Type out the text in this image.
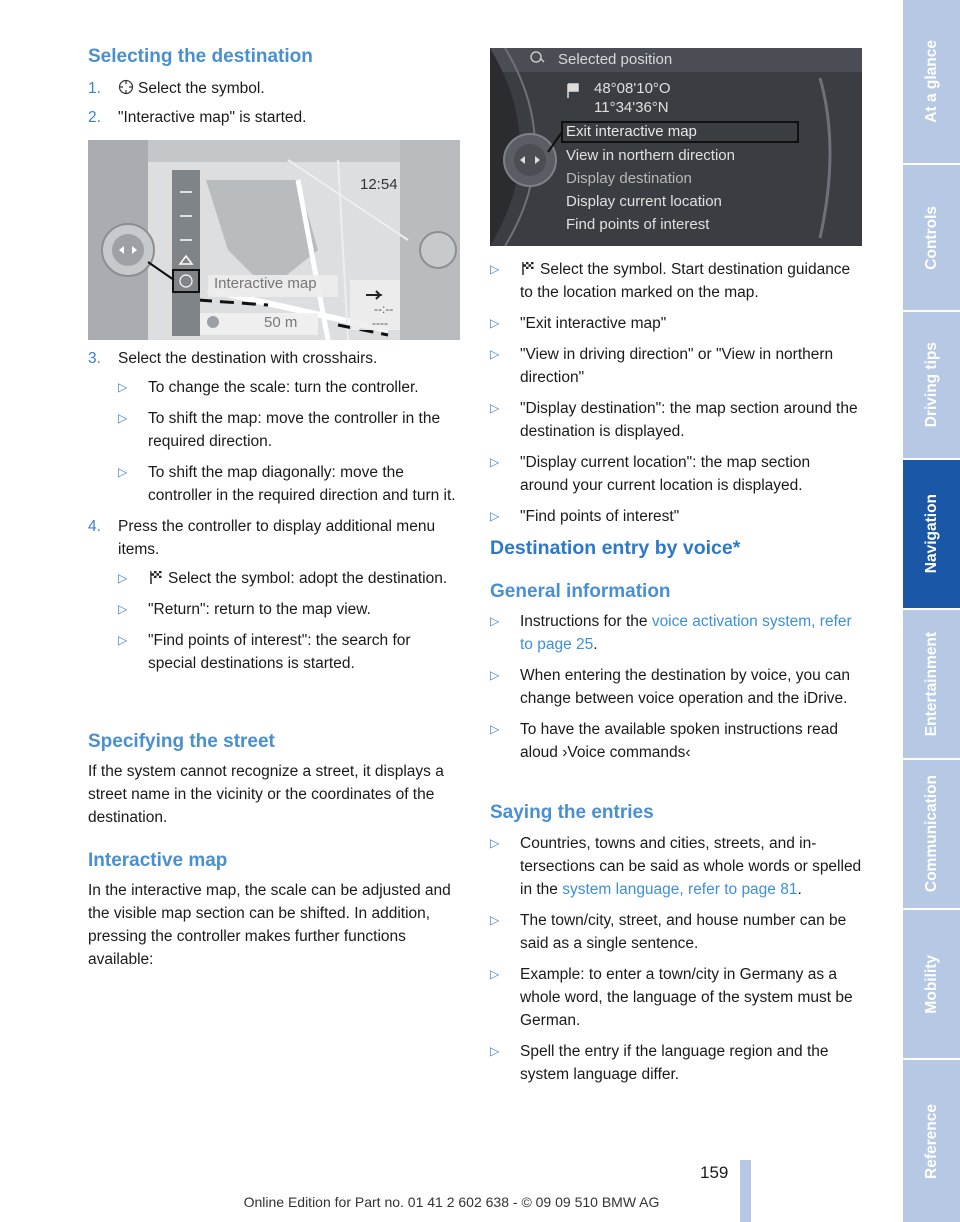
Selecting the destination
1. Select the symbol.
2. "Interactive map" is started.
3. Select the destination with crosshairs.
▷ To change the scale: turn the controller.
▷ To shift the map: move the controller in the required direction.
▷ To shift the map diagonally: move the controller in the required direction and turn it.
4. Press the controller to display additional menu items.
▷ Select the symbol: adopt the destination.
▷ "Return": return to the map view.
▷ "Find points of interest": the search for special destinations is started.
Specifying the street

If the system cannot recognize a street, it displays a street name in the vicinity or the coordinates of the destination.

Interactive map

In the interactive map, the scale can be adjusted and the visible map section can be shifted. In addition, pressing the controller makes further functions available:

12:54
Interactive map
50 m
--:--
----
Selected position
48°08'10°O
11°34'36°N
Exit interactive map
View in northern direction
Display destination
Display current location
Find points of interest
▷ Select the symbol. Start destination guidance to the location marked on the map.
▷ "Exit interactive map"
▷ "View in driving direction" or "View in northern direction"
▷ "Display destination": the map section around the destination is displayed.
▷ "Display current location": the map section around your current location is displayed.
▷ "Find points of interest"
Destination entry by voice*
General information
▷ Instructions for the voice activation system, refer to page 25.
▷ When entering the destination by voice, you can change between voice operation and the iDrive.
▷ To have the available spoken instructions read aloud ›Voice commands‹
Saying the entries
▷ Countries, towns and cities, streets, and intersections can be said as whole words or spelled in the system language, refer to page 81.
▷ The town/city, street, and house number can be said as a single sentence.
▷ Example: to enter a town/city in Germany as a whole word, the language of the system must be German.
▷ Spell the entry if the language region and the system language differ.
At a glance
Controls
Driving tips
Navigation
Entertainment
Communication
Mobility
Reference
159
Online Edition for Part no. 01 41 2 602 638 - © 09 09 510 BMW AG
